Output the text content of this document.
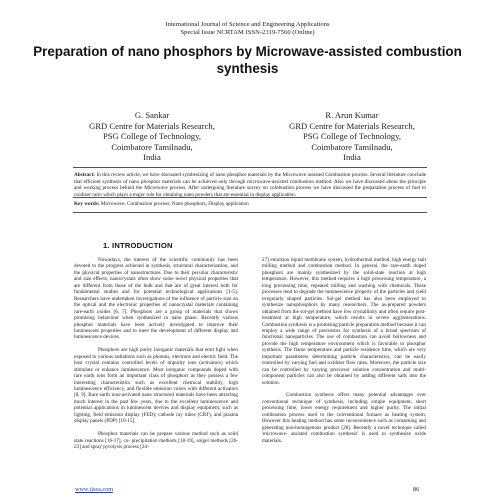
International Journal of Science and Engineering Applications
Special Issue NCRTAM ISSN-2319-7560 (Online)
Preparation of nano phosphors by Microwave-assisted combustion synthesis
G. Sankar
GRD Centre for Materials Research,
PSG College of Technology,
Coimbatore Tamilnadu,
India
R. Arun Kumar
GRD Centre for Materials Research,
PSG College of Technology,
Coimbatore Tamilnadu,
India
Abstract: In this review article, we have discussed synthesizing of nano phosphor materials by the Microwave assisted Combustion process. Several literature conclude that efficient synthesis of nano phosphor materials can be achieved only through microwave-assisted combustion method. Also we have discussed about the principle and working process behind the Microwave process. After undergoing literature survey on combustion process we have discussed the preparation process of fuel to oxidizer ratio which plays a major role for obtaining nano powders that are essential in display application.
Key words: Microwave, Combustion process, Nano phosphors, Display application
1. INTRODUCTION

Nowadays, the interest of the scientific community has been devoted to the progress achieved in synthesis, structural characterization, and the physical properties of nanostructures. Due to their peculiar characteristic and size effects, nanocrystals often show some novel physical properties that are different from those of the bulk and that are of great interest both for fundamental studies and for potential technological applications [1-5]. Researchers have undertaken investigations of the influence of particle size on the optical and the electronic properties of nanocrystal materials containing rare-earth oxides [6, 7]. Phosphors are a group of materials that shows promising behaviour when synthesized in nano phase. Recently various phosphor materials have been actively investigated to improve their luminescent properties and to meet the development of different display and luminescence devices.

Phosphors are high purity inorganic materials that emit light when exposed to various radiations such as photons, electrons and electric field. The host crystal contains controlled levels of impurity ions (activators) which stimulate or enhance luminescence. Most inorganic compounds doped with rare earth ions form an important class of phosphors as they possess a few interesting characteristics such as excellent chemical stability, high luminescence efficiency, and flexible emission colors with different activators [8, 9]. Rare earth ions-activated nano structured materials have been attracting much interest in the past few years, due to the excellent luminescence and potential applications in luminescent devices and display equipment, such as lighting, field emission display (FED); cathode ray tubes (CRT), and plasma display panels (PDP) [10-15].

Phosphor materials can be prepare various method such as solid state reactions [16-17], co- precipitation methods [18-19], solgel methods [20-23] and spray pyrolysis process [24-

27] emulsion liquid membrane system, hydrothermal method, high energy ball milling method and combustion method. In general, the rare-earth doped phosphors are mainly synthesized by the solid-state reaction at high temperature. However, this method requires a high processing temperature, a long processing time, repeated milling and washing with chemicals. These processes tend to degrade the luminescence property of the particles and yield irregularly shaped particles. Sol-gel method has also been employed to synthesize nanophosphors by many researchers. The as-prepared powders obtained from the sol-gel method have low crystallinity and often require post-treatment at high temperature, which results in severe agglomerations. Combustion synthesis is a promising particle preparation method because it can employ a wide range of precursors for synthesis of a broad spectrum of functional nanoparticles. The use of combustion can avoid hollowness and provide the high temperature environment which is favorable to phosphor synthesis. The flame temperature and particle residence time, which are very important parameters determining particle characteristics, can be easily controlled by varying fuel and oxidizer flow rates. Moreover, the particle size can be controlled by varying precursor solution concentration and multi-component particles can also be obtained by adding different salts into the solution.

Combustion synthesis offers many potential advantages over conventional technique of synthesis, including simple equipment, short processing time, lower energy requirement and higher purity. The initial combustion process used to the conventional furnace as heating system, However this heating method has some inconvenience such as consuming and generating non-homogenous product [28]. Recently a novel technique called 'microwave- assisted combustion synthesis' is used to synthesize oxide materials.

www.ijsea.com	86
